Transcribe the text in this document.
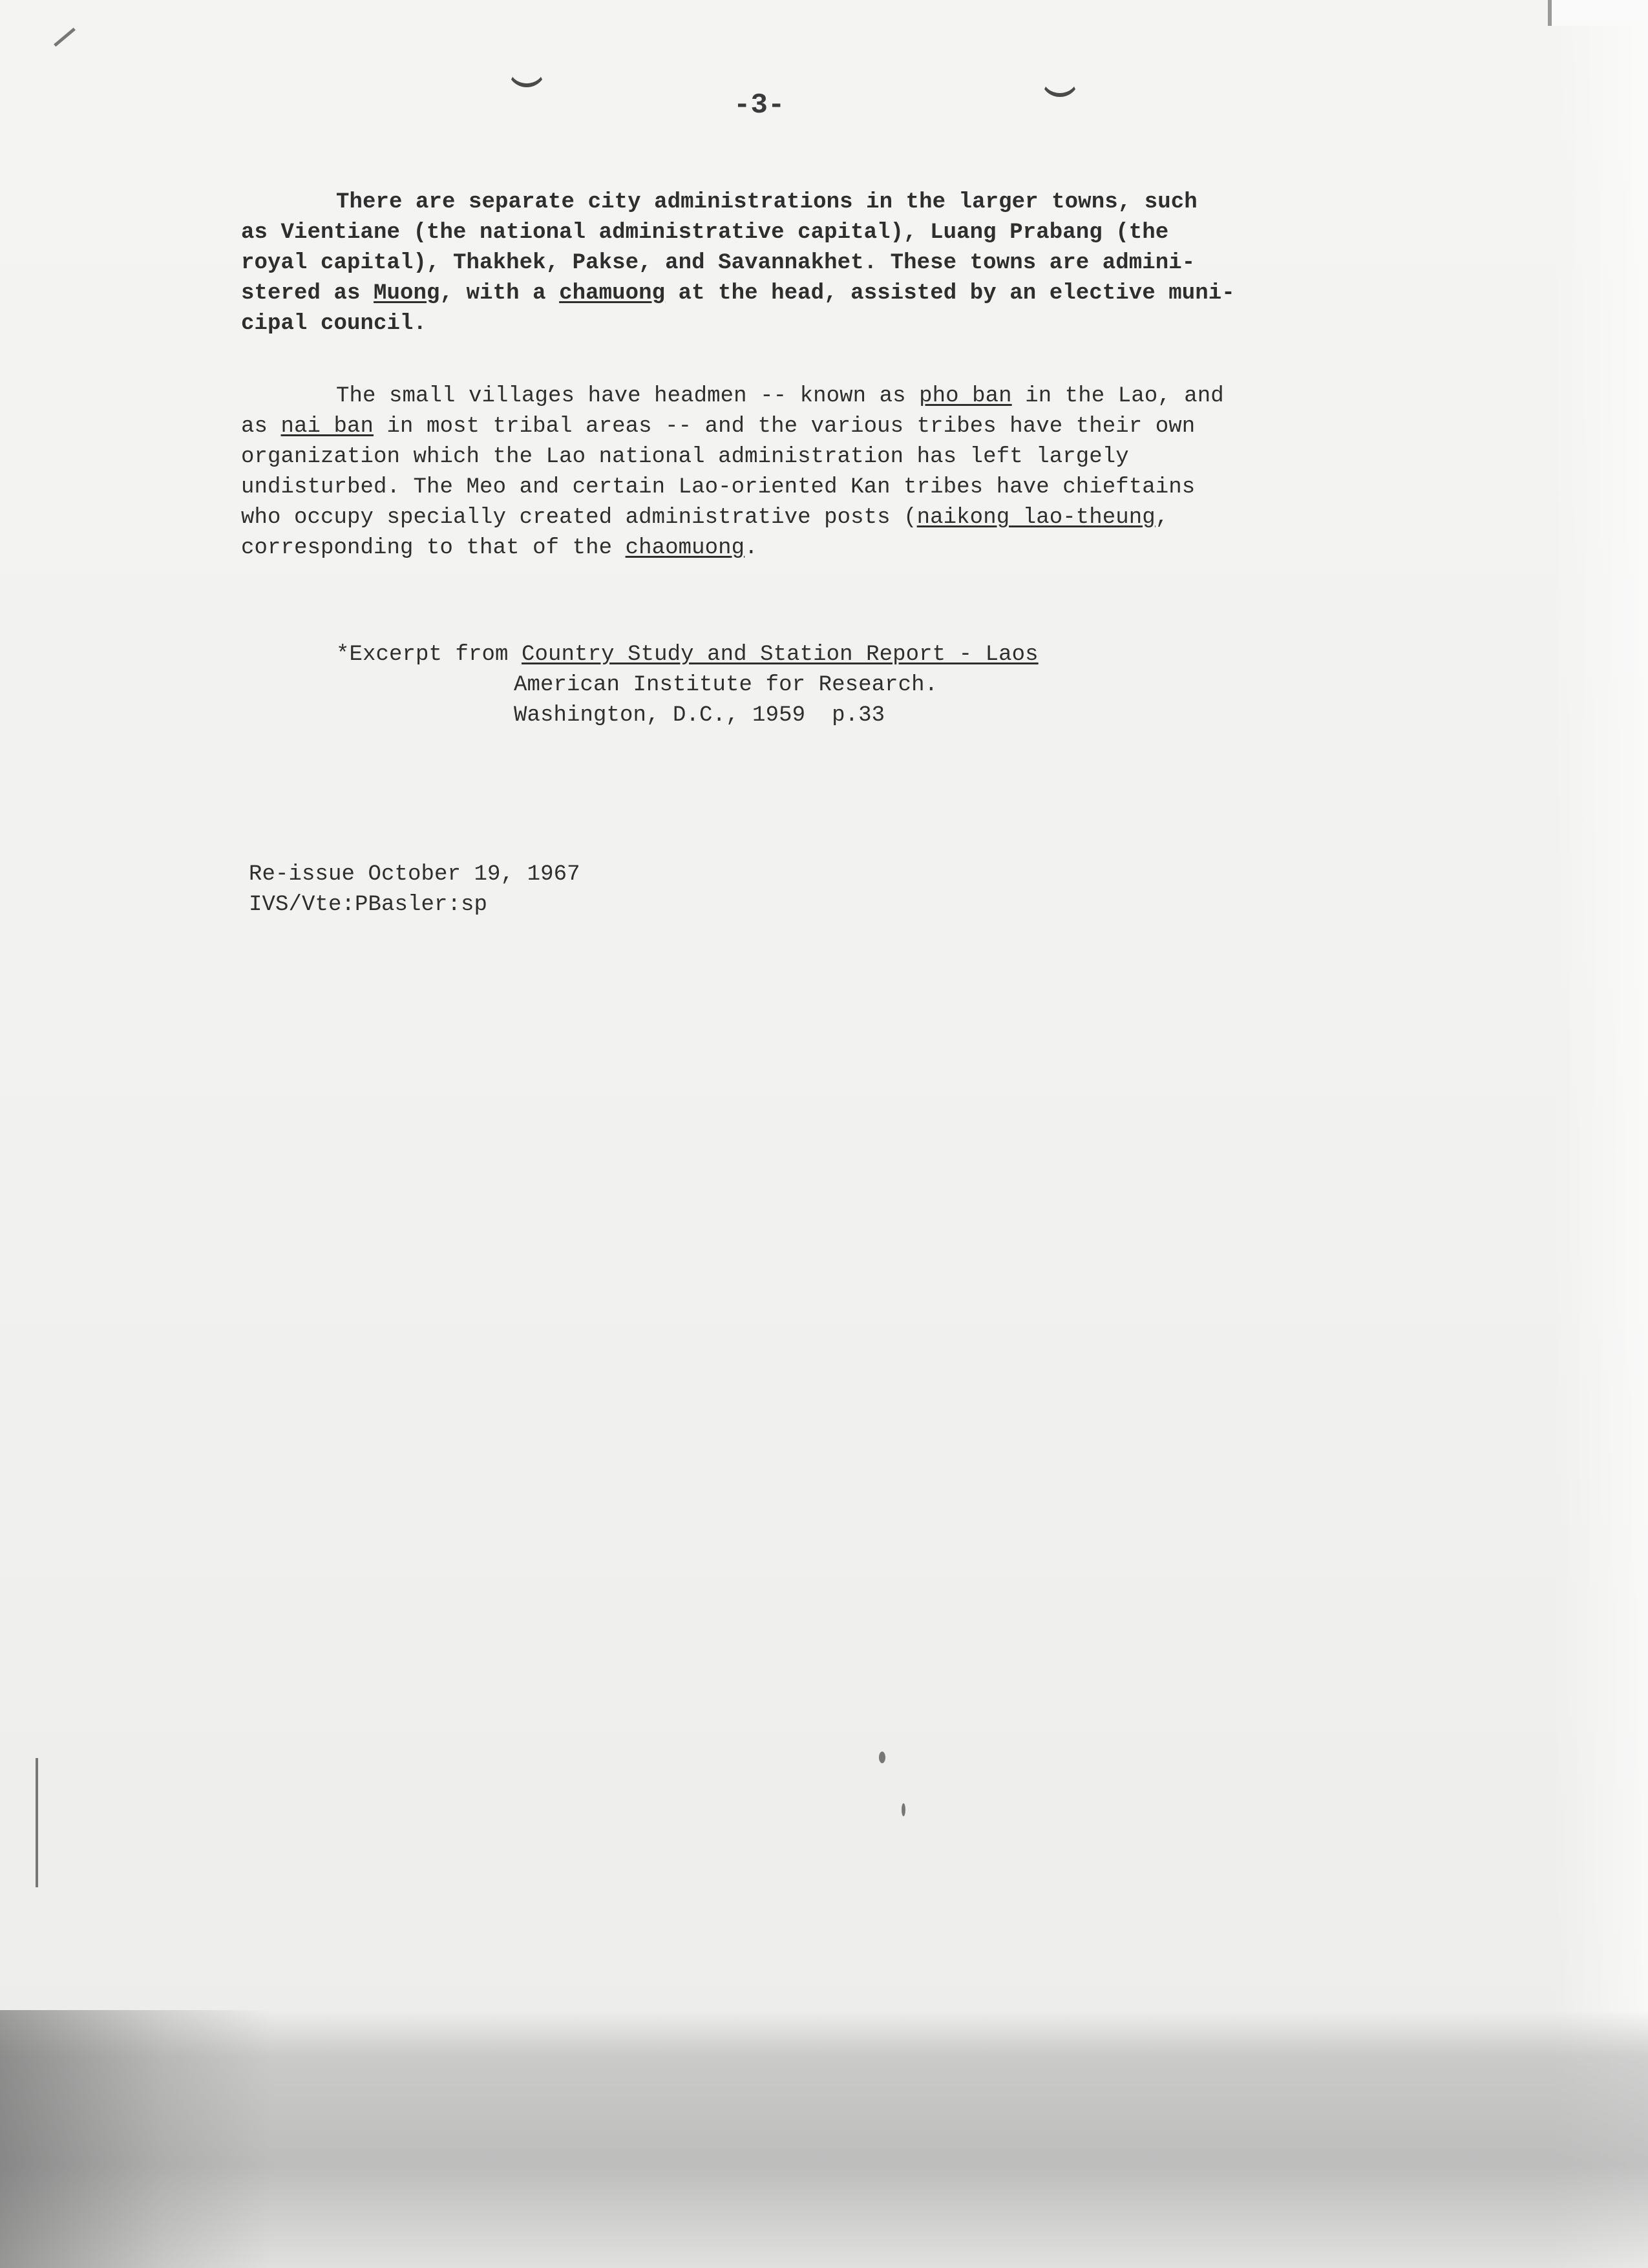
-3-

There are separate city administrations in the larger towns, such

as Vientiane (the national administrative capital), Luang Prabang (the

royal capital), Thakhek, Pakse, and Savannakhet. These towns are admini-

stered as Muong, with a chamuong at the head, assisted by an elective muni-

cipal council.

The small villages have headmen -- known as pho ban in the Lao, and

as nai ban in most tribal areas -- and the various tribes have their own

organization which the Lao national administration has left largely

undisturbed. The Meo and certain Lao-oriented Kan tribes have chieftains

who occupy specially created administrative posts (naikong lao-theung,

corresponding to that of the chaomuong.

*Excerpt from Country Study and Station Report - Laos

American Institute for Research.

Washington, D.C., 1959  p.33

Re-issue October 19, 1967

IVS/Vte:PBasler:sp
